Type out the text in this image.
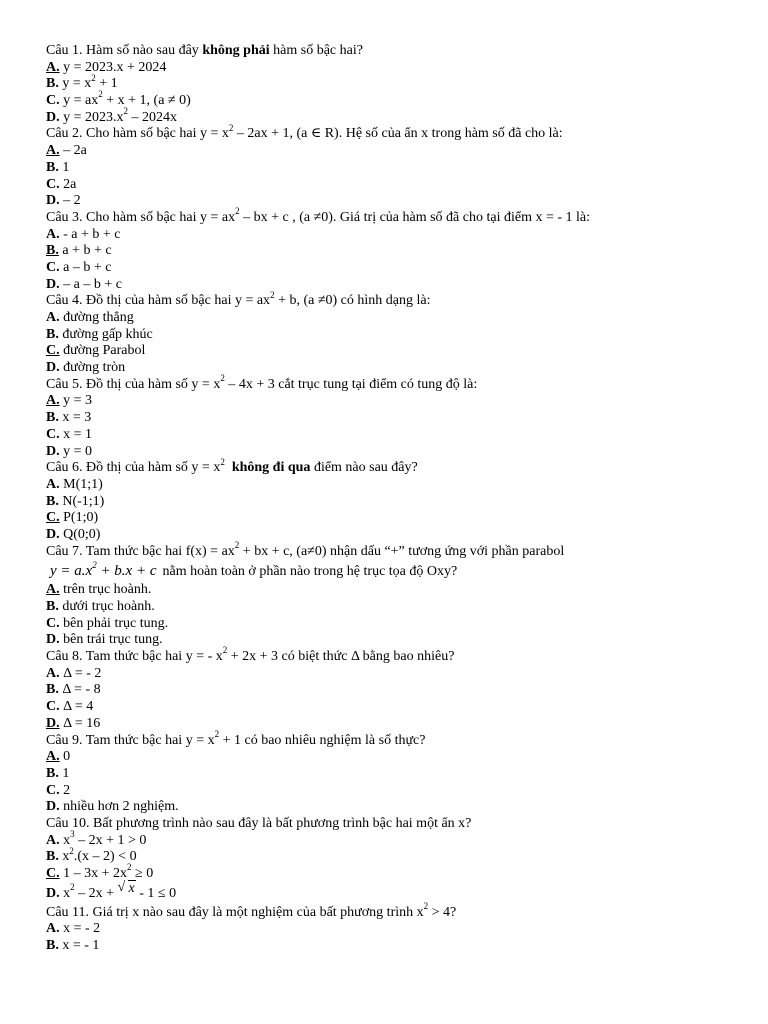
Câu 1. Hàm số nào sau đây không phải hàm số bậc hai?
A. y = 2023.x + 2024
B. $y = x^2 + 1$
C. $y = ax^2 + x + 1$, (a ≠ 0)
D. $y = 2023.x^2 - 2024x$
Câu 2. Cho hàm số bậc hai $y = x^2 - 2ax + 1$, (a ∈ R). Hệ số của ẩn x trong hàm số đã cho là:
A. – 2a
B. 1
C. 2a
D. – 2
Câu 3. Cho hàm số bậc hai $y = ax^2$ – bx + c , (a ≠0). Giá trị của hàm số đã cho tại điểm x = - 1 là:
A. - a + b + c
B. a + b + c
C. a – b + c
D. – a – b + c
Câu 4. Đồ thị của hàm số bậc hai $y = ax^2 + b$, (a ≠0) có hình dạng là:
A. đường thẳng
B. đường gấp khúc
C. đường Parabol
D. đường tròn
Câu 5. Đồ thị của hàm số $y = x^2 - 4x + 3$ cắt trục tung tại điểm có tung độ là:
A. y = 3
B. x = 3
C. x = 1
D. y = 0
Câu 6. Đồ thị của hàm số $y = x^2$ không đi qua điểm nào sau đây?
A. M(1;1)
B. N(-1;1)
C. P(1;0)
D. Q(0;0)
Câu 7. Tam thức bậc hai $f(x) = ax^2$ + bx + c, (a≠0) nhận dấu “+” tương ứng với phần parabol
$y = a.x^2 + b.x + c$ nằm hoàn toàn ở phần nào trong hệ trục tọa độ Oxy?
A. trên trục hoành.
B. dưới trục hoành.
C. bên phải trục tung.
D. bên trái trục tung.
Câu 8. Tam thức bậc hai y = - $x^2 + 2x + 3$ có biệt thức Δ bằng bao nhiêu?
A. Δ = - 2
B. Δ = - 8
C. Δ = 4
D. Δ = 16
Câu 9. Tam thức bậc hai $y = x^2 + 1$ có bao nhiêu nghiệm là số thực?
A. 0
B. 1
C. 2
D. nhiều hơn 2 nghiệm.
Câu 10. Bất phương trình nào sau đây là bất phương trình bậc hai một ẩn x?
A. $x^3 - 2x + 1 > 0$
B. $x^2.(x - 2) < 0$
C. $1 - 3x + 2x^2 \ge 0$
D. $x^2 - 2x$ + √ x - 1 ≤ 0
Câu 11. Giá trị x nào sau đây là một nghiệm của bất phương trình $x^2 > 4$?
A. x = - 2
B. x = - 1
